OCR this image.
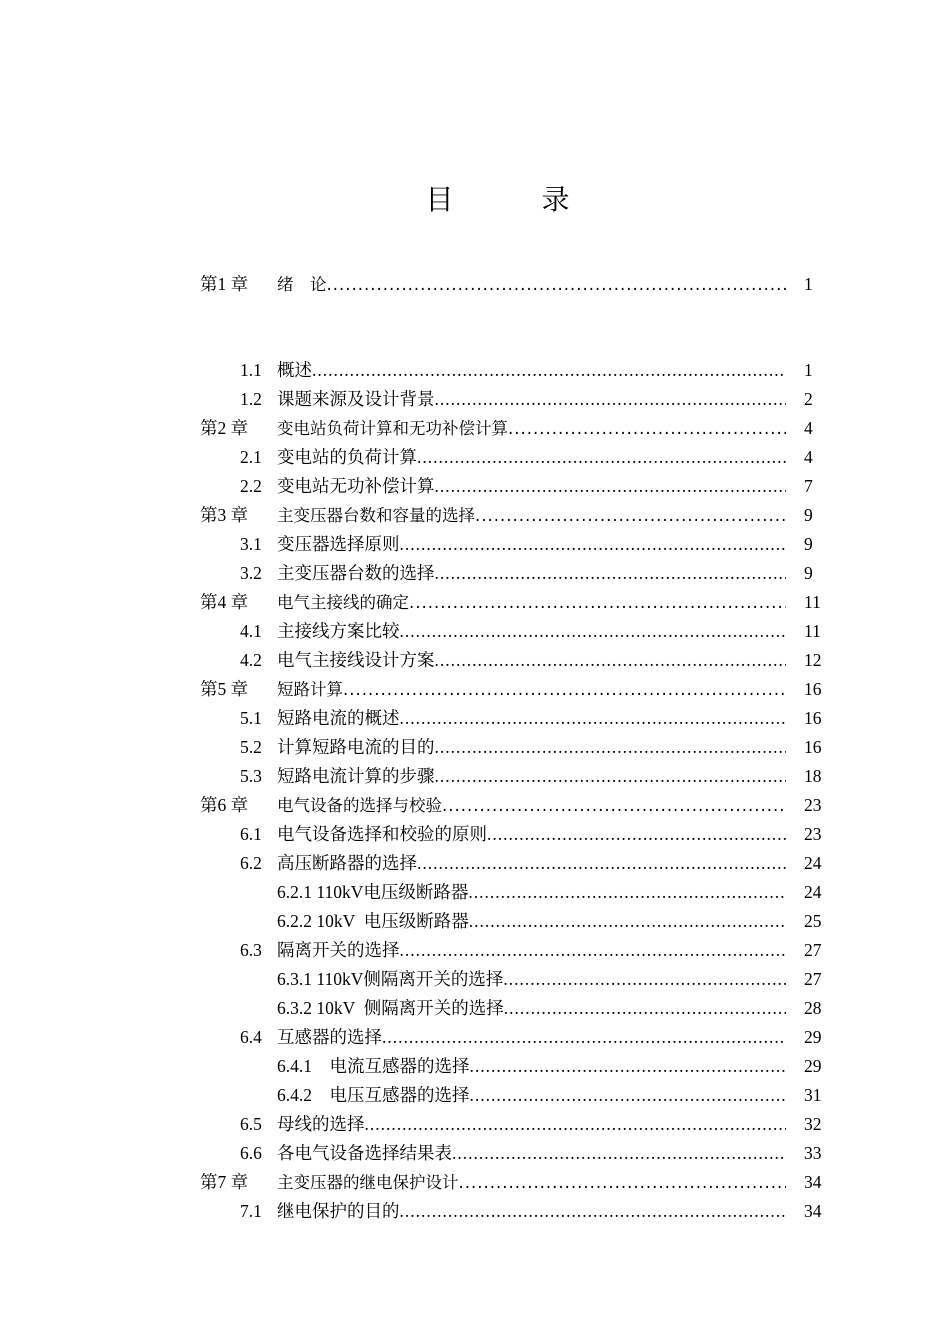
目　录
第1 章	绪　论 .....	1
1.1 概述 .....	1
1.2 课题来源及设计背景 .....	2
第2 章	变电站负荷计算和无功补偿计算 .....	4
2.1 变电站的负荷计算 .....	4
2.2 变电站无功补偿计算 .....	7
第3 章	主变压器台数和容量的选择 .....	9
3.1 变压器选择原则 .....	9
3.2 主变压器台数的选择 .....	9
第4 章	电气主接线的确定 .....	11
4.1 主接线方案比较 .....	11
4.2 电气主接线设计方案 .....	12
第5 章	短路计算 .....	16
5.1 短路电流的概述 .....	16
5.2 计算短路电流的目的 .....	16
5.3 短路电流计算的步骤 .....	18
第6 章	电气设备的选择与校验 .....	23
6.1 电气设备选择和校验的原则 .....	23
6.2 高压断路器的选择 .....	24
6.2.1 110kV电压级断路器 .....	24
6.2.2 10kV  电压级断路器 .....	25
6.3 隔离开关的选择 .....	27
6.3.1 110kV侧隔离开关的选择 .....	27
6.3.2 10kV  侧隔离开关的选择 .....	28
6.4 互感器的选择 .....	29
6.4.1 电流互感器的选择 .....	29
6.4.2 电压互感器的选择 .....	31
6.5 母线的选择 .....	32
6.6 各电气设备选择结果表 .....	33
第7 章	主变压器的继电保护设计 .....	34
7.1 继电保护的目的 .....	34
